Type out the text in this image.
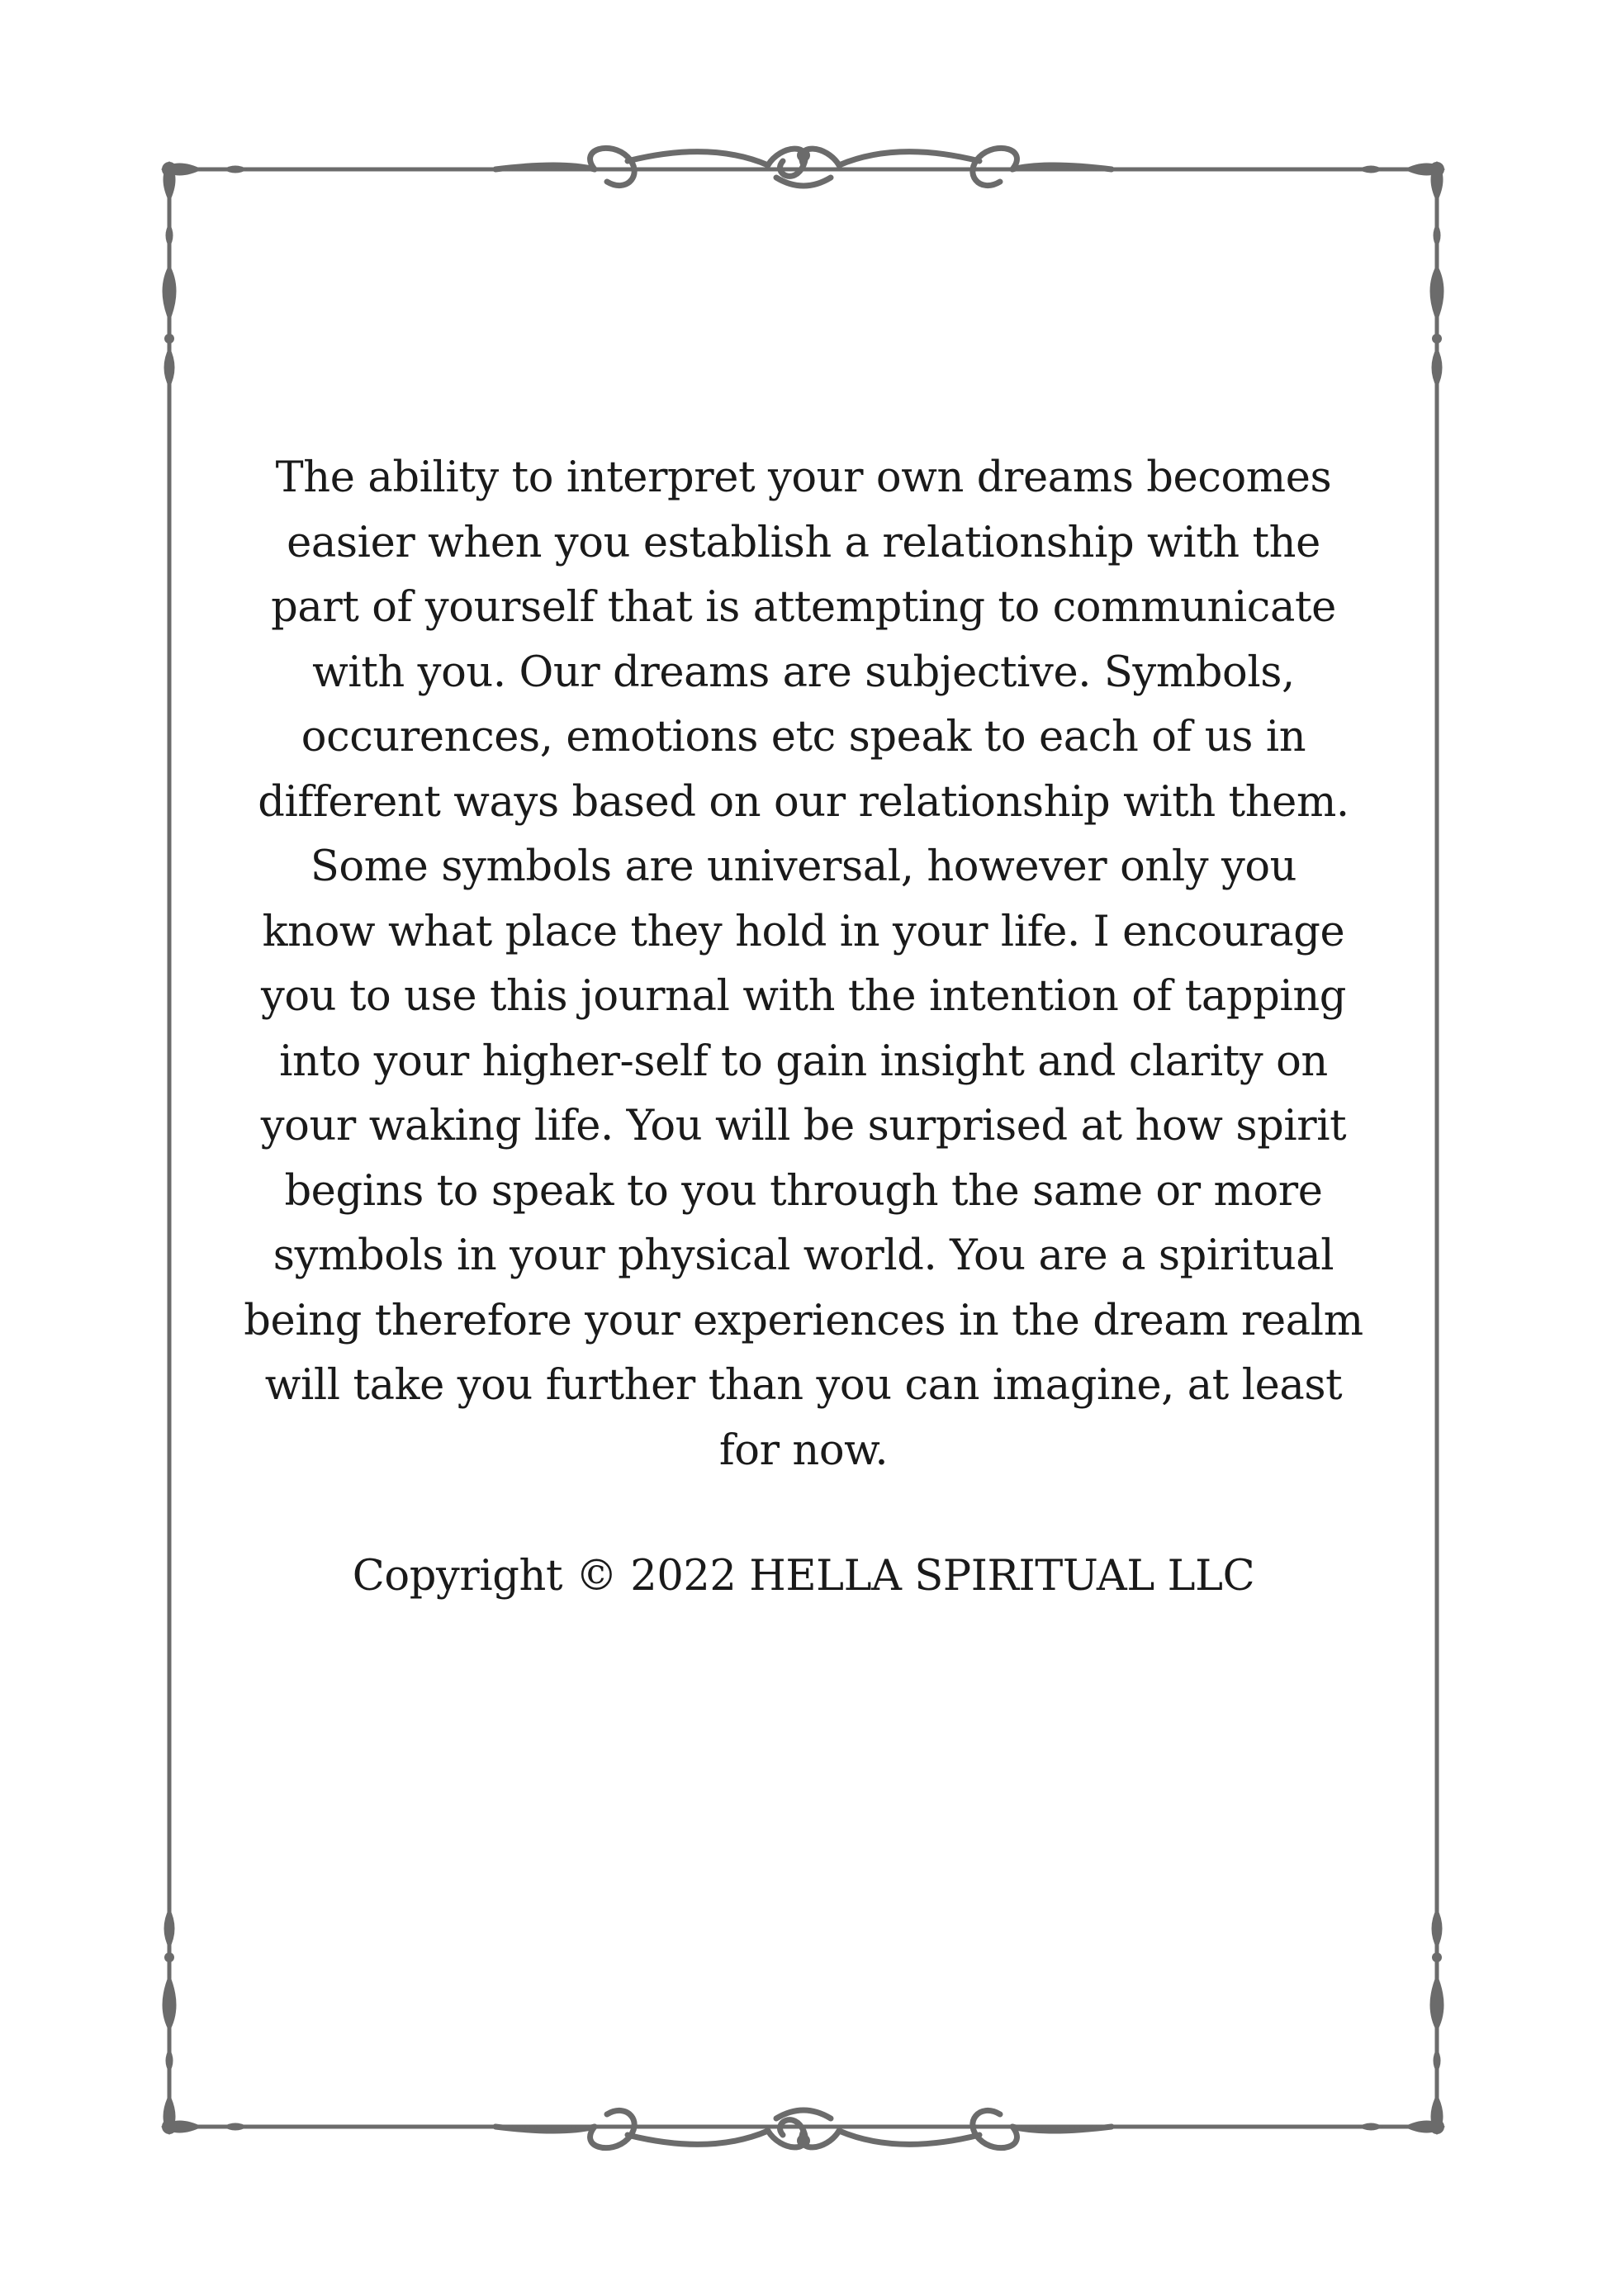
The ability to interpret your own dreams becomes
easier when you establish a relationship with the
part of yourself that is attempting to communicate
with you. Our dreams are subjective. Symbols,
occurences, emotions etc speak to each of us in
different ways based on our relationship with them.
Some symbols are universal, however only you
know what place they hold in your life. I encourage
you to use this journal with the intention of tapping
into your higher-self to gain insight and clarity on
your waking life. You will be surprised at how spirit
begins to speak to you through the same or more
symbols in your physical world. You are a spiritual
being therefore your experiences in the dream realm
will take you further than you can imagine, at least
for now.

Copyright © 2022 HELLA SPIRITUAL LLC
